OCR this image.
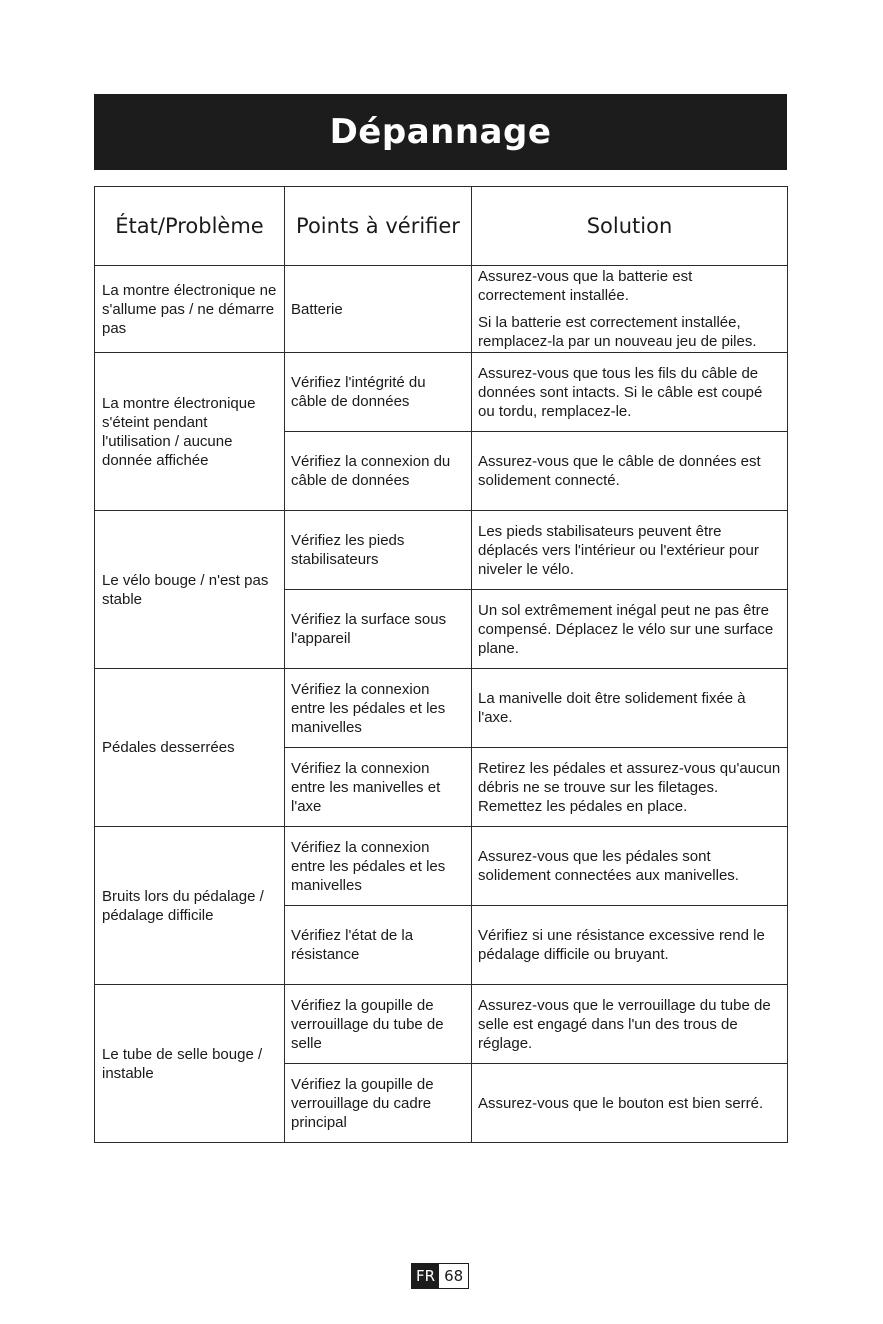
Dépannage
État/Problème	Points à vérifier	Solution
La montre électronique ne s'allume pas / ne démarre pas	Batterie	Assurez-vous que la batterie est correctement installée.
Si la batterie est correctement installée, remplacez-la par un nouveau jeu de piles.

La montre électronique s'éteint pendant l'utilisation / aucune donnée affichée	Vérifiez l'intégrité du câble de données	Assurez-vous que tous les fils du câble de données sont intacts. Si le câble est coupé ou tordu, remplacez-le.
	Vérifiez la connexion du câble de données	Assurez-vous que le câble de données est solidement connecté.
Le vélo bouge / n'est pas stable	Vérifiez les pieds stabilisateurs	Les pieds stabilisateurs peuvent être déplacés vers l'intérieur ou l'extérieur pour niveler le vélo.
	Vérifiez la surface sous l'appareil	Un sol extrêmement inégal peut ne pas être compensé. Déplacez le vélo sur une surface plane.
Pédales desserrées	Vérifiez la connexion entre les pédales et les manivelles	La manivelle doit être solidement fixée à l'axe.
	Vérifiez la connexion entre les manivelles et l'axe	Retirez les pédales et assurez-vous qu'aucun débris ne se trouve sur les filetages. Remettez les pédales en place.
Bruits lors du pédalage / pédalage difficile	Vérifiez la connexion entre les pédales et les manivelles	Assurez-vous que les pédales sont solidement connectées aux manivelles.
	Vérifiez l'état de la résistance	Vérifiez si une résistance excessive rend le pédalage difficile ou bruyant.
Le tube de selle bouge / instable	Vérifiez la goupille de verrouillage du tube de selle	Assurez-vous que le verrouillage du tube de selle est engagé dans l'un des trous de réglage.
	Vérifiez la goupille de verrouillage du cadre principal	Assurez-vous que le bouton est bien serré.
FR 68
